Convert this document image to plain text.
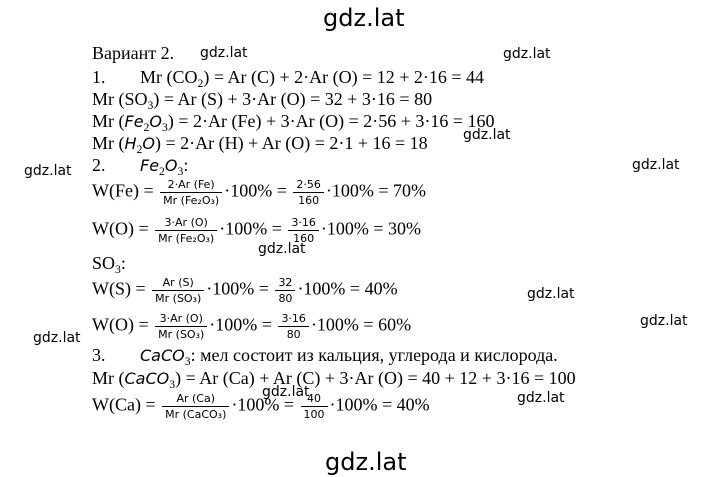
gdz.lat
gdz.lat
Вариант 2.
1. Mr $(CO_2) = Ar$ (C) + 2·Ar (O) = 12 + 2·16 = 44
Mr $(SO_3) = Ar$ (S) + 3·Ar (O) = 32 + 3·16 = 80
Mr $(Fe_2O_3) = 2\cdot Ar$ (Fe) + 3·Ar (O) = 2·56 + 3·16 = 160
Mr $(H_2O) = 2\cdot Ar$ (H) + Ar (O) = 2·1 + 16 = 18
2. $Fe_2O_3$:
$W(Fe) = \frac{2\cdot Ar (Fe)}{\text{Mr (Fe₂O₃)}} \cdot 100\% = \frac{2\cdot 56}{160} \cdot 100\% = 70\%$
$W(O) = \frac{3\cdot Ar (O)}{\text{Mr (Fe₂O₃)}} \cdot 100\% = \frac{3\cdot 16}{160} \cdot 100\% = 30\%$
$SO_3$:
$W(S) = \frac{Ar (S)}{\text{Mr (SO₃)}} \cdot 100\% = \frac{32}{80} \cdot 100\% = 40\%$
$W(O) = \frac{3\cdot Ar (O)}{\text{Mr (SO₃)}} \cdot 100\% = \frac{3\cdot 16}{80} \cdot 100\% = 60\%$
3. CaCO$_3$: мел состоит из кальция, углерода и кислорода.
Mr (CaCO$_3$) = Ar (Ca) + Ar (C) + 3·Ar (O) = 40 + 12 + 3·16 = 100
$W(Ca) = \frac{Ar (Ca)}{\text{Mr (CaCO₃)}} \cdot 100\% = \frac{40}{100} \cdot 100\% = 40\%$
gdz.lat	gdz.lat
gdz.lat
gdz.lat	gdz.lat
gdz.lat
gdz.lat
gdz.lat
gdz.lat
gdz.lat	gdz.lat
